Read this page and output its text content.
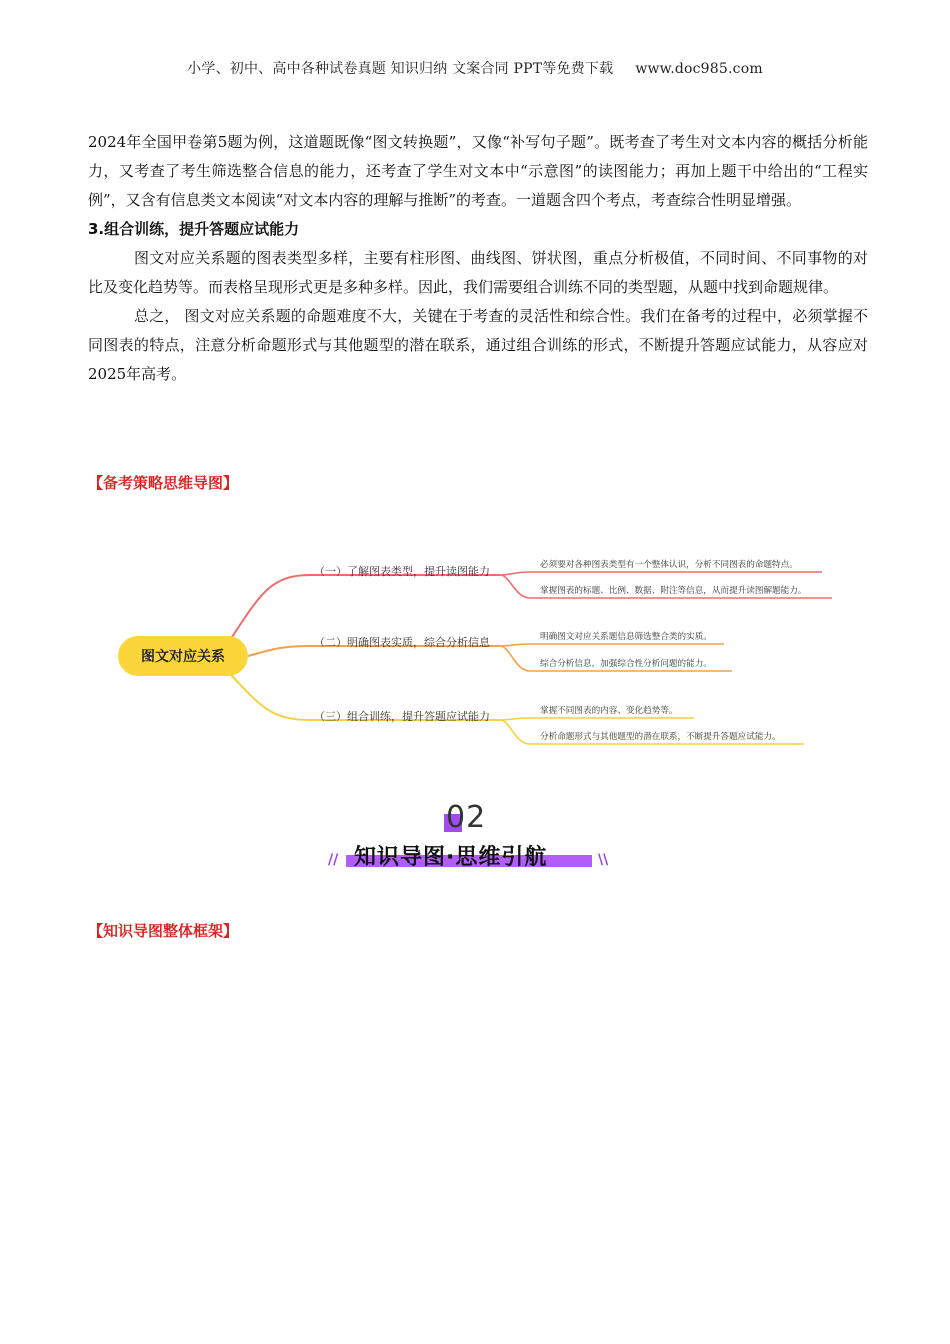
小学、初中、高中各种试卷真题 知识归纳 文案合同 PPT等免费下载 www.doc985.com

2024年全国甲卷第5题为例，这道题既像“图文转换题”，又像“补写句子题”。既考查了考生对文本内容的概括分析能力，又考查了考生筛选整合信息的能力，还考查了学生对文本中“示意图”的读图能力；再加上题干中给出的“工程实例”，又含有信息类文本阅读“对文本内容的理解与推断”的考查。一道题含四个考点，考查综合性明显增强。

3.组合训练，提升答题应试能力

图文对应关系题的图表类型多样，主要有柱形图、曲线图、饼状图，重点分析极值，不同时间、不同事物的对比及变化趋势等。而表格呈现形式更是多种多样。因此，我们需要组合训练不同的类型题，从题中找到命题规律。

总之， 图文对应关系题的命题难度不大，关键在于考查的灵活性和综合性。我们在备考的过程中，必须掌握不同图表的特点，注意分析命题形式与其他题型的潜在联系，通过组合训练的形式，不断提升答题应试能力，从容应对2025年高考。

【备考策略思维导图】
图文对应关系
（一）了解图表类型，提升读图能力
（二）明确图表实质，综合分析信息
（三）组合训练，提升答题应试能力
必须要对各种图表类型有一个整体认识，分析不同图表的命题特点。
掌握图表的标题、比例、数据、附注等信息，从而提升读图解题能力。
明确图文对应关系题信息筛选整合类的实质。
综合分析信息，加强综合性分析问题的能力。
掌握不同图表的内容、变化趋势等。
分析命题形式与其他题型的潜在联系，不断提升答题应试能力。
02
// 知识导图·思维引航	\\
【知识导图整体框架】
